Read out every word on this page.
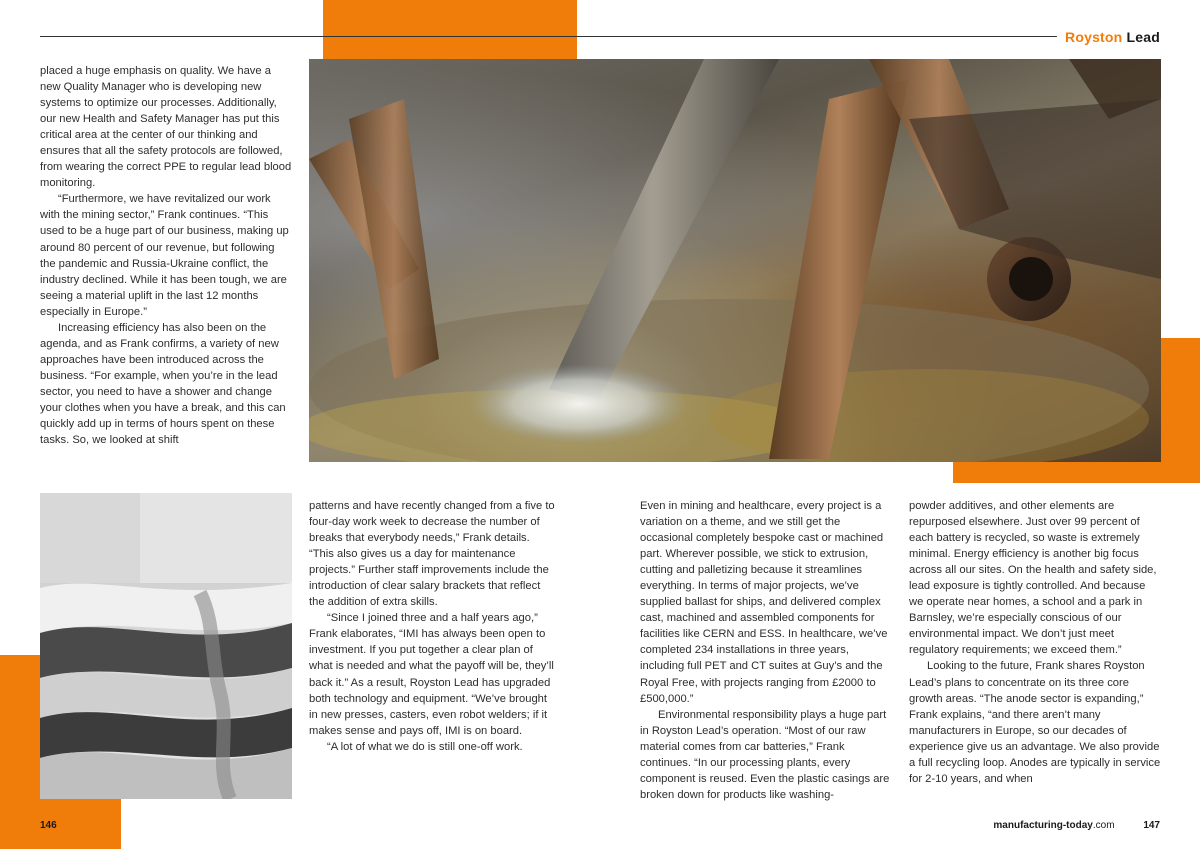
Royston Lead

placed a huge emphasis on quality. We have a new Quality Manager who is developing new systems to optimize our processes. Additionally, our new Health and Safety Manager has put this critical area at the center of our thinking and ensures that all the safety protocols are followed, from wearing the correct PPE to regular lead blood monitoring.

“Furthermore, we have revitalized our work with the mining sector,” Frank continues. “This used to be a huge part of our business, making up around 80 percent of our revenue, but following the pandemic and Russia-Ukraine conflict, the industry declined. While it has been tough, we are seeing a material uplift in the last 12 months especially in Europe.”

Increasing efficiency has also been on the agenda, and as Frank confirms, a variety of new approaches have been introduced across the business. “For example, when you’re in the lead sector, you need to have a shower and change your clothes when you have a break, and this can quickly add up in terms of hours spent on these tasks. So, we looked at shift

patterns and have recently changed from a five to four-day work week to decrease the number of breaks that everybody needs,” Frank details. “This also gives us a day for maintenance projects.” Further staff improvements include the introduction of clear salary brackets that reflect the addition of extra skills.

“Since I joined three and a half years ago,” Frank elaborates, “IMI has always been open to investment. If you put together a clear plan of what is needed and what the payoff will be, they’ll back it.” As a result, Royston Lead has upgraded both technology and equipment. “We’ve brought in new presses, casters, even robot welders; if it makes sense and pays off, IMI is on board.

“A lot of what we do is still one-off work.

Even in mining and healthcare, every project is a variation on a theme, and we still get the occasional completely bespoke cast or machined part. Wherever possible, we stick to extrusion, cutting and palletizing because it streamlines everything. In terms of major projects, we’ve supplied ballast for ships, and delivered complex cast, machined and assembled components for facilities like CERN and ESS. In healthcare, we’ve completed 234 installations in three years, including full PET and CT suites at Guy’s and the Royal Free, with projects ranging from £2000 to £500,000.”

Environmental responsibility plays a huge part in Royston Lead’s operation. “Most of our raw material comes from car batteries,” Frank continues. “In our processing plants, every component is reused. Even the plastic casings are broken down for products like washing-

powder additives, and other elements are repurposed elsewhere. Just over 99 percent of each battery is recycled, so waste is extremely minimal. Energy efficiency is another big focus across all our sites. On the health and safety side, lead exposure is tightly controlled. And because we operate near homes, a school and a park in Barnsley, we’re especially conscious of our environmental impact. We don’t just meet regulatory requirements; we exceed them.”

Looking to the future, Frank shares Royston Lead’s plans to concentrate on its three core growth areas. “The anode sector is expanding,” Frank explains, “and there aren’t many manufacturers in Europe, so our decades of experience give us an advantage. We also provide a full recycling loop. Anodes are typically in service for 2-10 years, and when

146	manufacturing-today.com	147
